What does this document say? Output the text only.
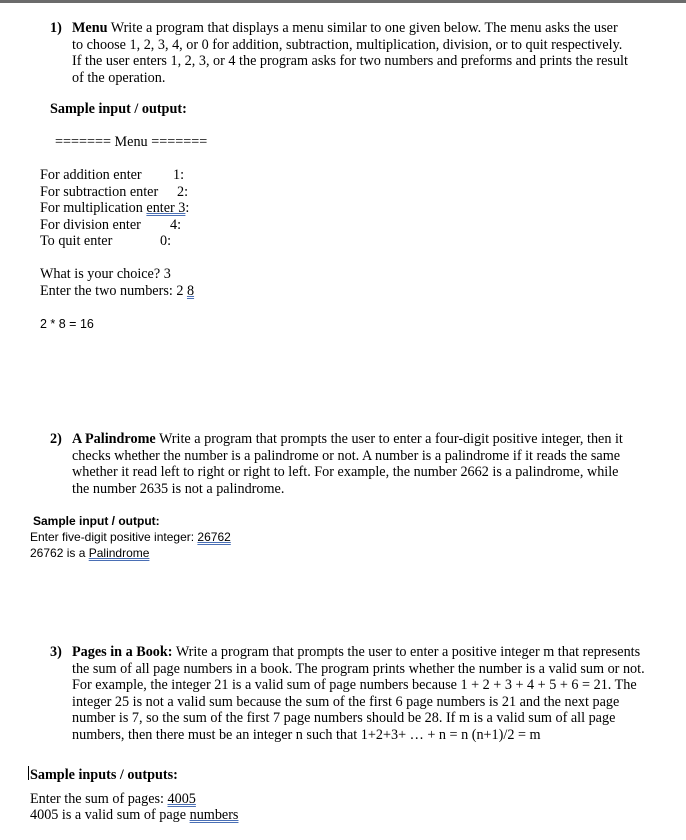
1) Menu Write a program that displays a menu similar to one given below. The menu asks the user
to choose 1, 2, 3, 4, or 0 for addition, subtraction, multiplication, division, or to quit respectively.
If the user enters 1, 2, 3, or 4 the program asks for two numbers and preforms and prints the result
of the operation.
Sample input / output:
======= Menu =======
For addition enter 1:
For subtraction enter 2:
For multiplication enter 3:
For division enter 4:
To quit enter	0:
What is your choice? 3
Enter the two numbers: 2 8
2 * 8 = 16
2) A Palindrome Write a program that prompts the user to enter a four-digit positive integer, then it
checks whether the number is a palindrome or not. A number is a palindrome if it reads the same
whether it read left to right or right to left. For example, the number 2662 is a palindrome, while
the number 2635 is not a palindrome.
Sample input / output:
Enter five-digit positive integer: 26762
26762 is a Palindrome
3) Pages in a Book: Write a program that prompts the user to enter a positive integer m that represents
the sum of all page numbers in a book. The program prints whether the number is a valid sum or not.
For example, the integer 21 is a valid sum of page numbers because 1 + 2 + 3 + 4 + 5 + 6 = 21. The
integer 25 is not a valid sum because the sum of the first 6 page numbers is 21 and the next page
number is 7, so the sum of the first 7 page numbers should be 28. If m is a valid sum of all page
numbers, then there must be an integer n such that 1+2+3+ … + n = n (n+1)/2 = m
Sample inputs / outputs:
Enter the sum of pages: 4005
4005 is a valid sum of page numbers
